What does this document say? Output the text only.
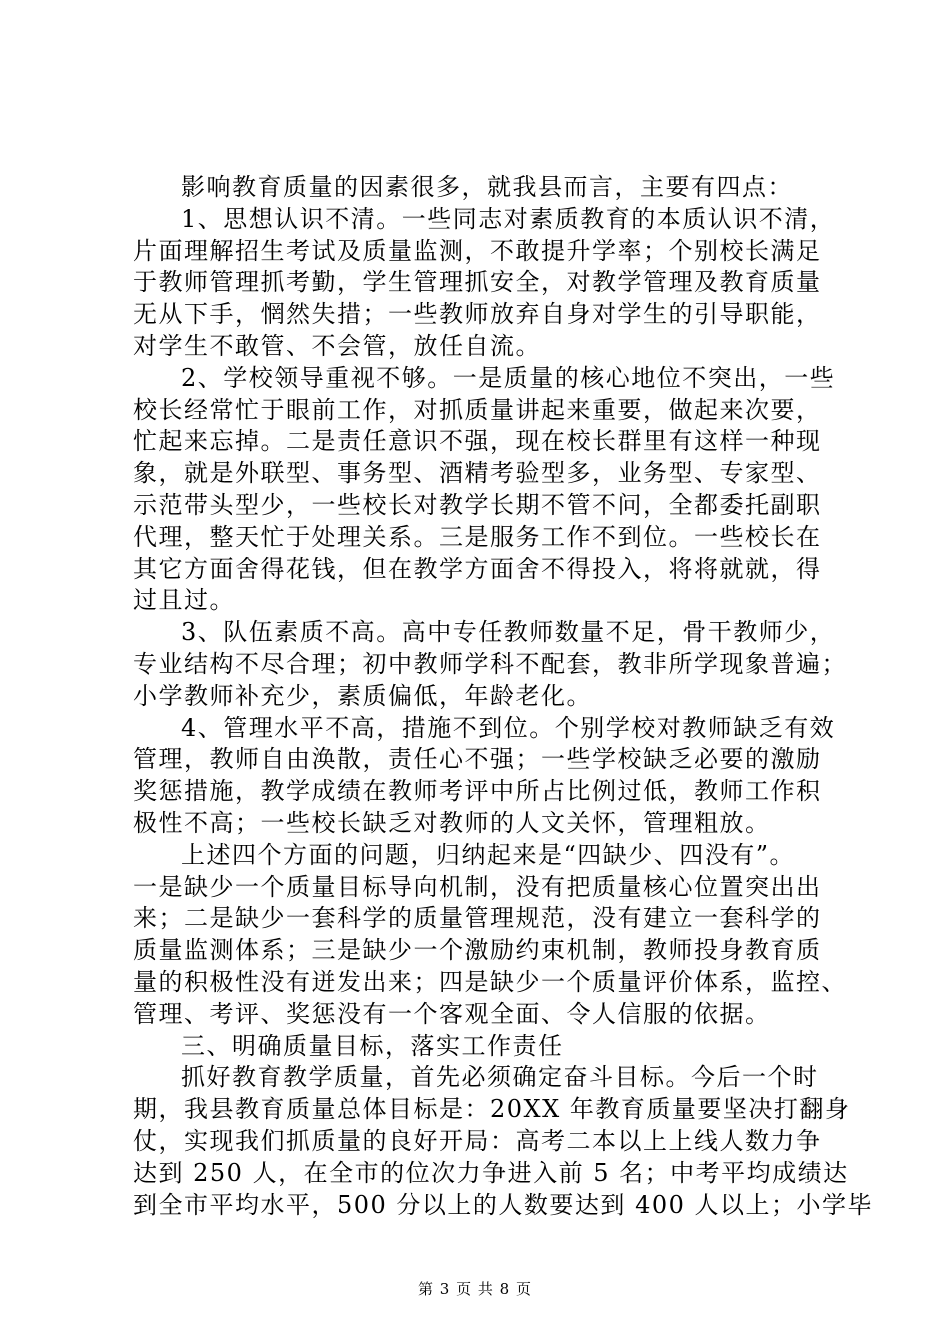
影响教育质量的因素很多，就我县而言，主要有四点：
1、思想认识不清。一些同志对素质教育的本质认识不清，
片面理解招生考试及质量监测，不敢提升学率；个别校长满足
于教师管理抓考勤，学生管理抓安全，对教学管理及教育质量
无从下手，惘然失措；一些教师放弃自身对学生的引导职能，
对学生不敢管、不会管，放任自流。
2、学校领导重视不够。一是质量的核心地位不突出，一些
校长经常忙于眼前工作，对抓质量讲起来重要，做起来次要，
忙起来忘掉。二是责任意识不强，现在校长群里有这样一种现
象，就是外联型、事务型、酒精考验型多，业务型、专家型、
示范带头型少，一些校长对教学长期不管不问，全都委托副职
代理，整天忙于处理关系。三是服务工作不到位。一些校长在
其它方面舍得花钱，但在教学方面舍不得投入，将将就就，得
过且过。
3、队伍素质不高。高中专任教师数量不足，骨干教师少，
专业结构不尽合理；初中教师学科不配套，教非所学现象普遍；
小学教师补充少，素质偏低，年龄老化。
4、管理水平不高，措施不到位。个别学校对教师缺乏有效
管理，教师自由涣散，责任心不强；一些学校缺乏必要的激励
奖惩措施，教学成绩在教师考评中所占比例过低，教师工作积
极性不高；一些校长缺乏对教师的人文关怀，管理粗放。
上述四个方面的问题，归纳起来是“四缺少、四没有”。
一是缺少一个质量目标导向机制，没有把质量核心位置突出出
来；二是缺少一套科学的质量管理规范，没有建立一套科学的
质量监测体系；三是缺少一个激励约束机制，教师投身教育质
量的积极性没有迸发出来；四是缺少一个质量评价体系，监控、
管理、考评、奖惩没有一个客观全面、令人信服的依据。
三、明确质量目标，落实工作责任
抓好教育教学质量，首先必须确定奋斗目标。今后一个时
期，我县教育质量总体目标是：20XX 年教育质量要坚决打翻身
仗，实现我们抓质量的良好开局：高考二本以上上线人数力争
达到 250 人，在全市的位次力争进入前 5 名；中考平均成绩达
到全市平均水平，500 分以上的人数要达到 400 人以上；小学毕
第 3 页 共 8 页
